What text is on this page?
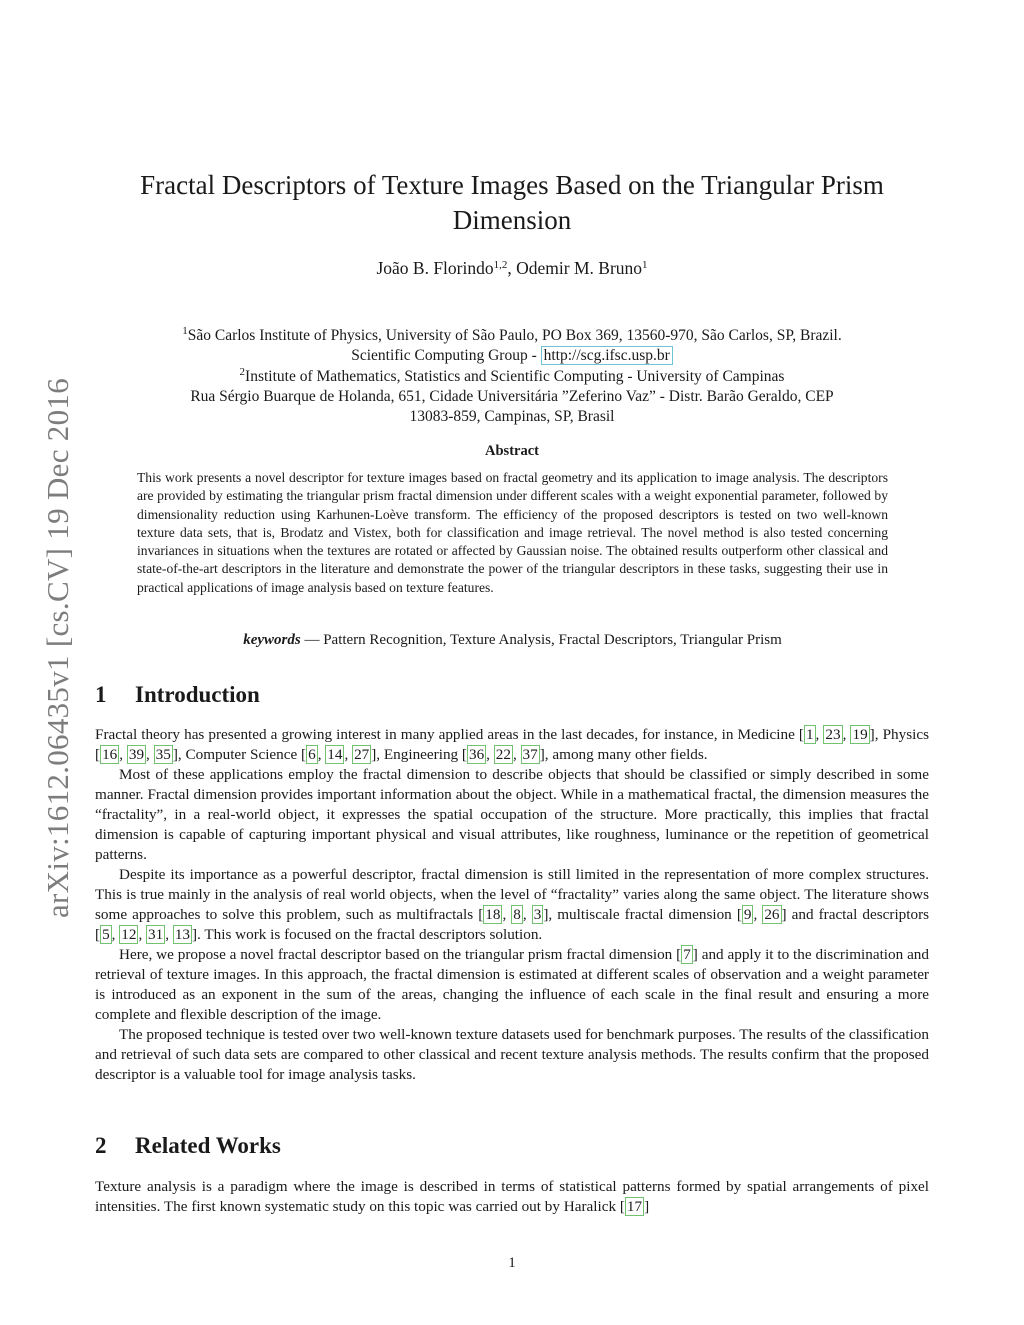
arXiv:1612.06435v1 [cs.CV] 19 Dec 2016
Fractal Descriptors of Texture Images Based on the Triangular Prism Dimension
João B. Florindo$^{1,2}$, Odemir M. Bruno$^1$
$^1$São Carlos Institute of Physics, University of São Paulo, PO Box 369, 13560-970, São Carlos, SP, Brazil.
Scientific Computing Group - http://scg.ifsc.usp.br
$^2$Institute of Mathematics, Statistics and Scientific Computing - University of Campinas
Rua Sérgio Buarque de Holanda, 651, Cidade Universitária ”Zeferino Vaz” - Distr. Barão Geraldo, CEP
13083-859, Campinas, SP, Brasil
Abstract
This work presents a novel descriptor for texture images based on fractal geometry and its application to image analysis. The descriptors are provided by estimating the triangular prism fractal dimension under different scales with a weight exponential parameter, followed by dimensionality reduction using Karhunen-Loève transform. The efficiency of the proposed descriptors is tested on two well-known texture data sets, that is, Brodatz and Vistex, both for classification and image retrieval. The novel method is also tested concerning invariances in situations when the textures are rotated or affected by Gaussian noise. The obtained results outperform other classical and state-of-the-art descriptors in the literature and demonstrate the power of the triangular descriptors in these tasks, suggesting their use in practical applications of image analysis based on texture features.
keywords — Pattern Recognition, Texture Analysis, Fractal Descriptors, Triangular Prism
1 Introduction

Fractal theory has presented a growing interest in many applied areas in the last decades, for instance, in Medicine [ 1 , 23 , 19 ], Physics [ 16 , 39 , 35 ], Computer Science [ 6 , 14 , 27 ], Engineering [ 36 , 22 , 37 ], among many other fields.

Most of these applications employ the fractal dimension to describe objects that should be classified or simply described in some manner. Fractal dimension provides important information about the object. While in a mathematical fractal, the dimension measures the “fractality”, in a real-world object, it expresses the spatial occupation of the structure. More practically, this implies that fractal dimension is capable of capturing important physical and visual attributes, like roughness, luminance or the repetition of geometrical patterns.

Despite its importance as a powerful descriptor, fractal dimension is still limited in the representation of more complex structures. This is true mainly in the analysis of real world objects, when the level of “fractality” varies along the same object. The literature shows some approaches to solve this problem, such as multifractals [ 18 , 8 , 3 ], multiscale fractal dimension [ 9 , 26 ] and fractal descriptors [ 5 , 12 , 31 , 13 ]. This work is focused on the fractal descriptors solution.

Here, we propose a novel fractal descriptor based on the triangular prism fractal dimension [ 7 ] and apply it to the discrimination and retrieval of texture images. In this approach, the fractal dimension is estimated at different scales of observation and a weight parameter is introduced as an exponent in the sum of the areas, changing the influence of each scale in the final result and ensuring a more complete and flexible description of the image.

The proposed technique is tested over two well-known texture datasets used for benchmark purposes. The results of the classification and retrieval of such data sets are compared to other classical and recent texture analysis methods. The results confirm that the proposed descriptor is a valuable tool for image analysis tasks.

2 Related Works

Texture analysis is a paradigm where the image is described in terms of statistical patterns formed by spatial arrangements of pixel intensities. The first known systematic study on this topic was carried out by Haralick [ 17 ]

1
